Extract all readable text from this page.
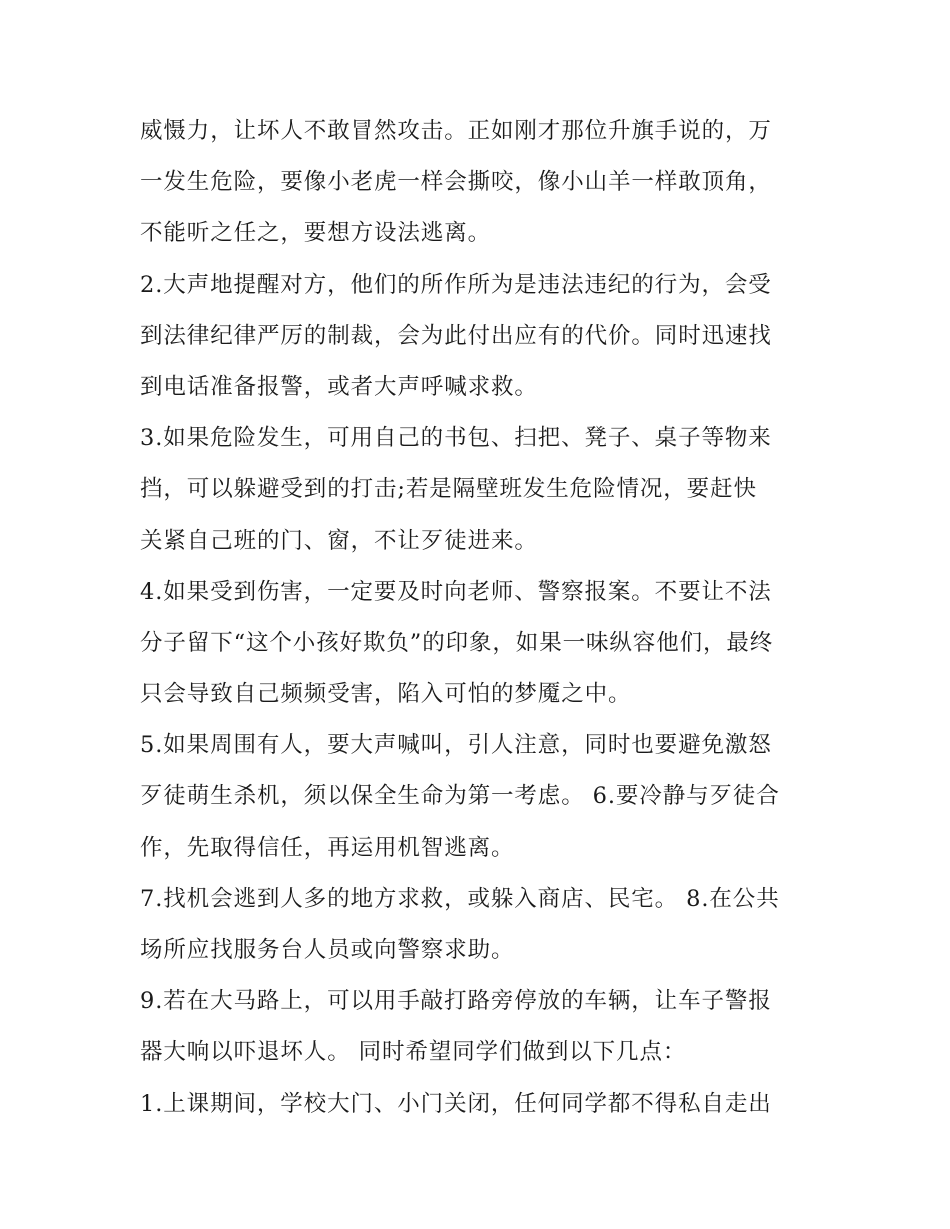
威慑力，让坏人不敢冒然攻击。正如刚才那位升旗手说的，万
一发生危险，要像小老虎一样会撕咬，像小山羊一样敢顶角，
不能听之任之，要想方设法逃离。
2.大声地提醒对方，他们的所作所为是违法违纪的行为，会受
到法律纪律严厉的制裁，会为此付出应有的代价。同时迅速找
到电话准备报警，或者大声呼喊求救。
3.如果危险发生，可用自己的书包、扫把、凳子、桌子等物来
挡，可以躲避受到的打击;若是隔壁班发生危险情况，要赶快
关紧自己班的门、窗，不让歹徒进来。
4.如果受到伤害，一定要及时向老师、警察报案。不要让不法
分子留下“这个小孩好欺负”的印象，如果一味纵容他们，最终
只会导致自己频频受害，陷入可怕的梦魇之中。
5.如果周围有人，要大声喊叫，引人注意，同时也要避免激怒
歹徒萌生杀机，须以保全生命为第一考虑。 6.要冷静与歹徒合
作，先取得信任，再运用机智逃离。
7.找机会逃到人多的地方求救，或躲入商店、民宅。 8.在公共
场所应找服务台人员或向警察求助。
9.若在大马路上，可以用手敲打路旁停放的车辆，让车子警报
器大响以吓退坏人。 同时希望同学们做到以下几点：
1.上课期间，学校大门、小门关闭，任何同学都不得私自走出
